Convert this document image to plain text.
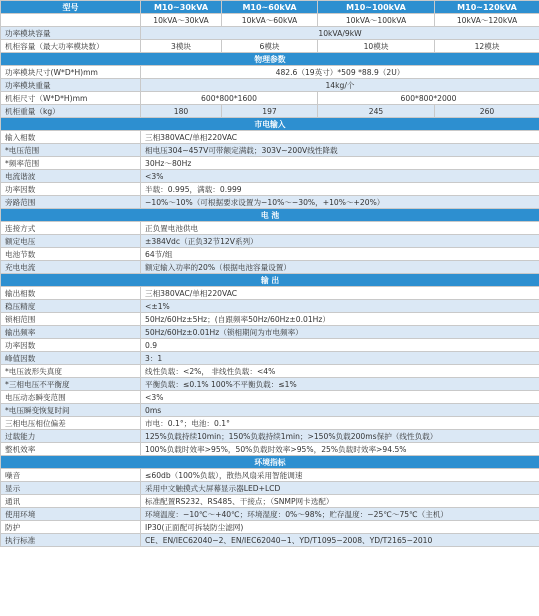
型号	M10~30kVA	M10~60kVA	M10~100kVA	M10~120kVA
	10kVA～30kVA	10kVA～60kVA	10kVA～100kVA	10kVA～120kVA
功率模块容量	10kVA/9kW			
机柜容量（最大功率模块数）	3模块	6模块	10模块	12模块
物理参数				
功率模块尺寸(W*D*H)mm	482.6（19英寸）*509 *88.9（2U）			
功率模块重量	14kg/个			
机柜尺寸（W*D*H)mm	600*800*1600		600*800*2000	
机柜重量（kg）	180	197	245	260
市电输入				
输入相数	三相380VAC/单相220VAC			
*电压范围	相电压304~457V可带额定满载；303V~200V线性降载			
*频率范围	30Hz～80Hz			
电流谐波	<3%			
功率因数	半载：0.995，满载：0.999			
旁路范围	−10%～10%（可根据要求设置为−10%～−30%，+10%～+20%）			
电 池				
连接方式	正负置电池供电			
额定电压	±384Vdc（正负32节12V系列）			
电池节数	64节/组			
充电电流	额定输入功率的20%（根据电池容量设置）			
输 出				
输出相数	三相380VAC/单相220VAC			
稳压精度	<±1%			
锁相范围	50Hz/60Hz±5Hz；(自跟频率50Hz/60Hz±0.01Hz）			
输出频率	50Hz/60Hz±0.01Hz（锁相期间为市电频率）			
功率因数	0.9			
峰值因数	3：1			
*电压波形失真度	线性负载：<2%， 非线性负载：<4%			
*三相电压不平衡度	平衡负载：≤0.1% 100%不平衡负载：≤1%			
电压动态瞬变范围	<3%			
*电压瞬变恢复时间	0ms			
三相电压相位偏差	市电：0.1°；电池：0.1°			
过载能力	125%负载持续10min；150%负载持续1min；>150%负载200ms保护（线性负载）			
整机效率	100%负载时效率>95%，50%负载时效率>95%，25%负载时效率>94.5%			
环境指标				
噪音	≤60db（100%负载），散热风扇采用智能调速			
显示	采用中文触摸式大屏幕显示器LED+LCD			
通讯	标准配置RS232、RS485、干接点；（SNMP网卡选配）			
使用环境	环境温度：−10℃～+40℃；环境湿度：0%～98%；贮存温度：−25℃～75℃（主机）			
防护	IP30(正面配可拆装防尘滤网)			
执行标准	CE、EN/IEC62040−2、EN/IEC62040−1、YD/T1095−2008、YD/T2165−2010			
